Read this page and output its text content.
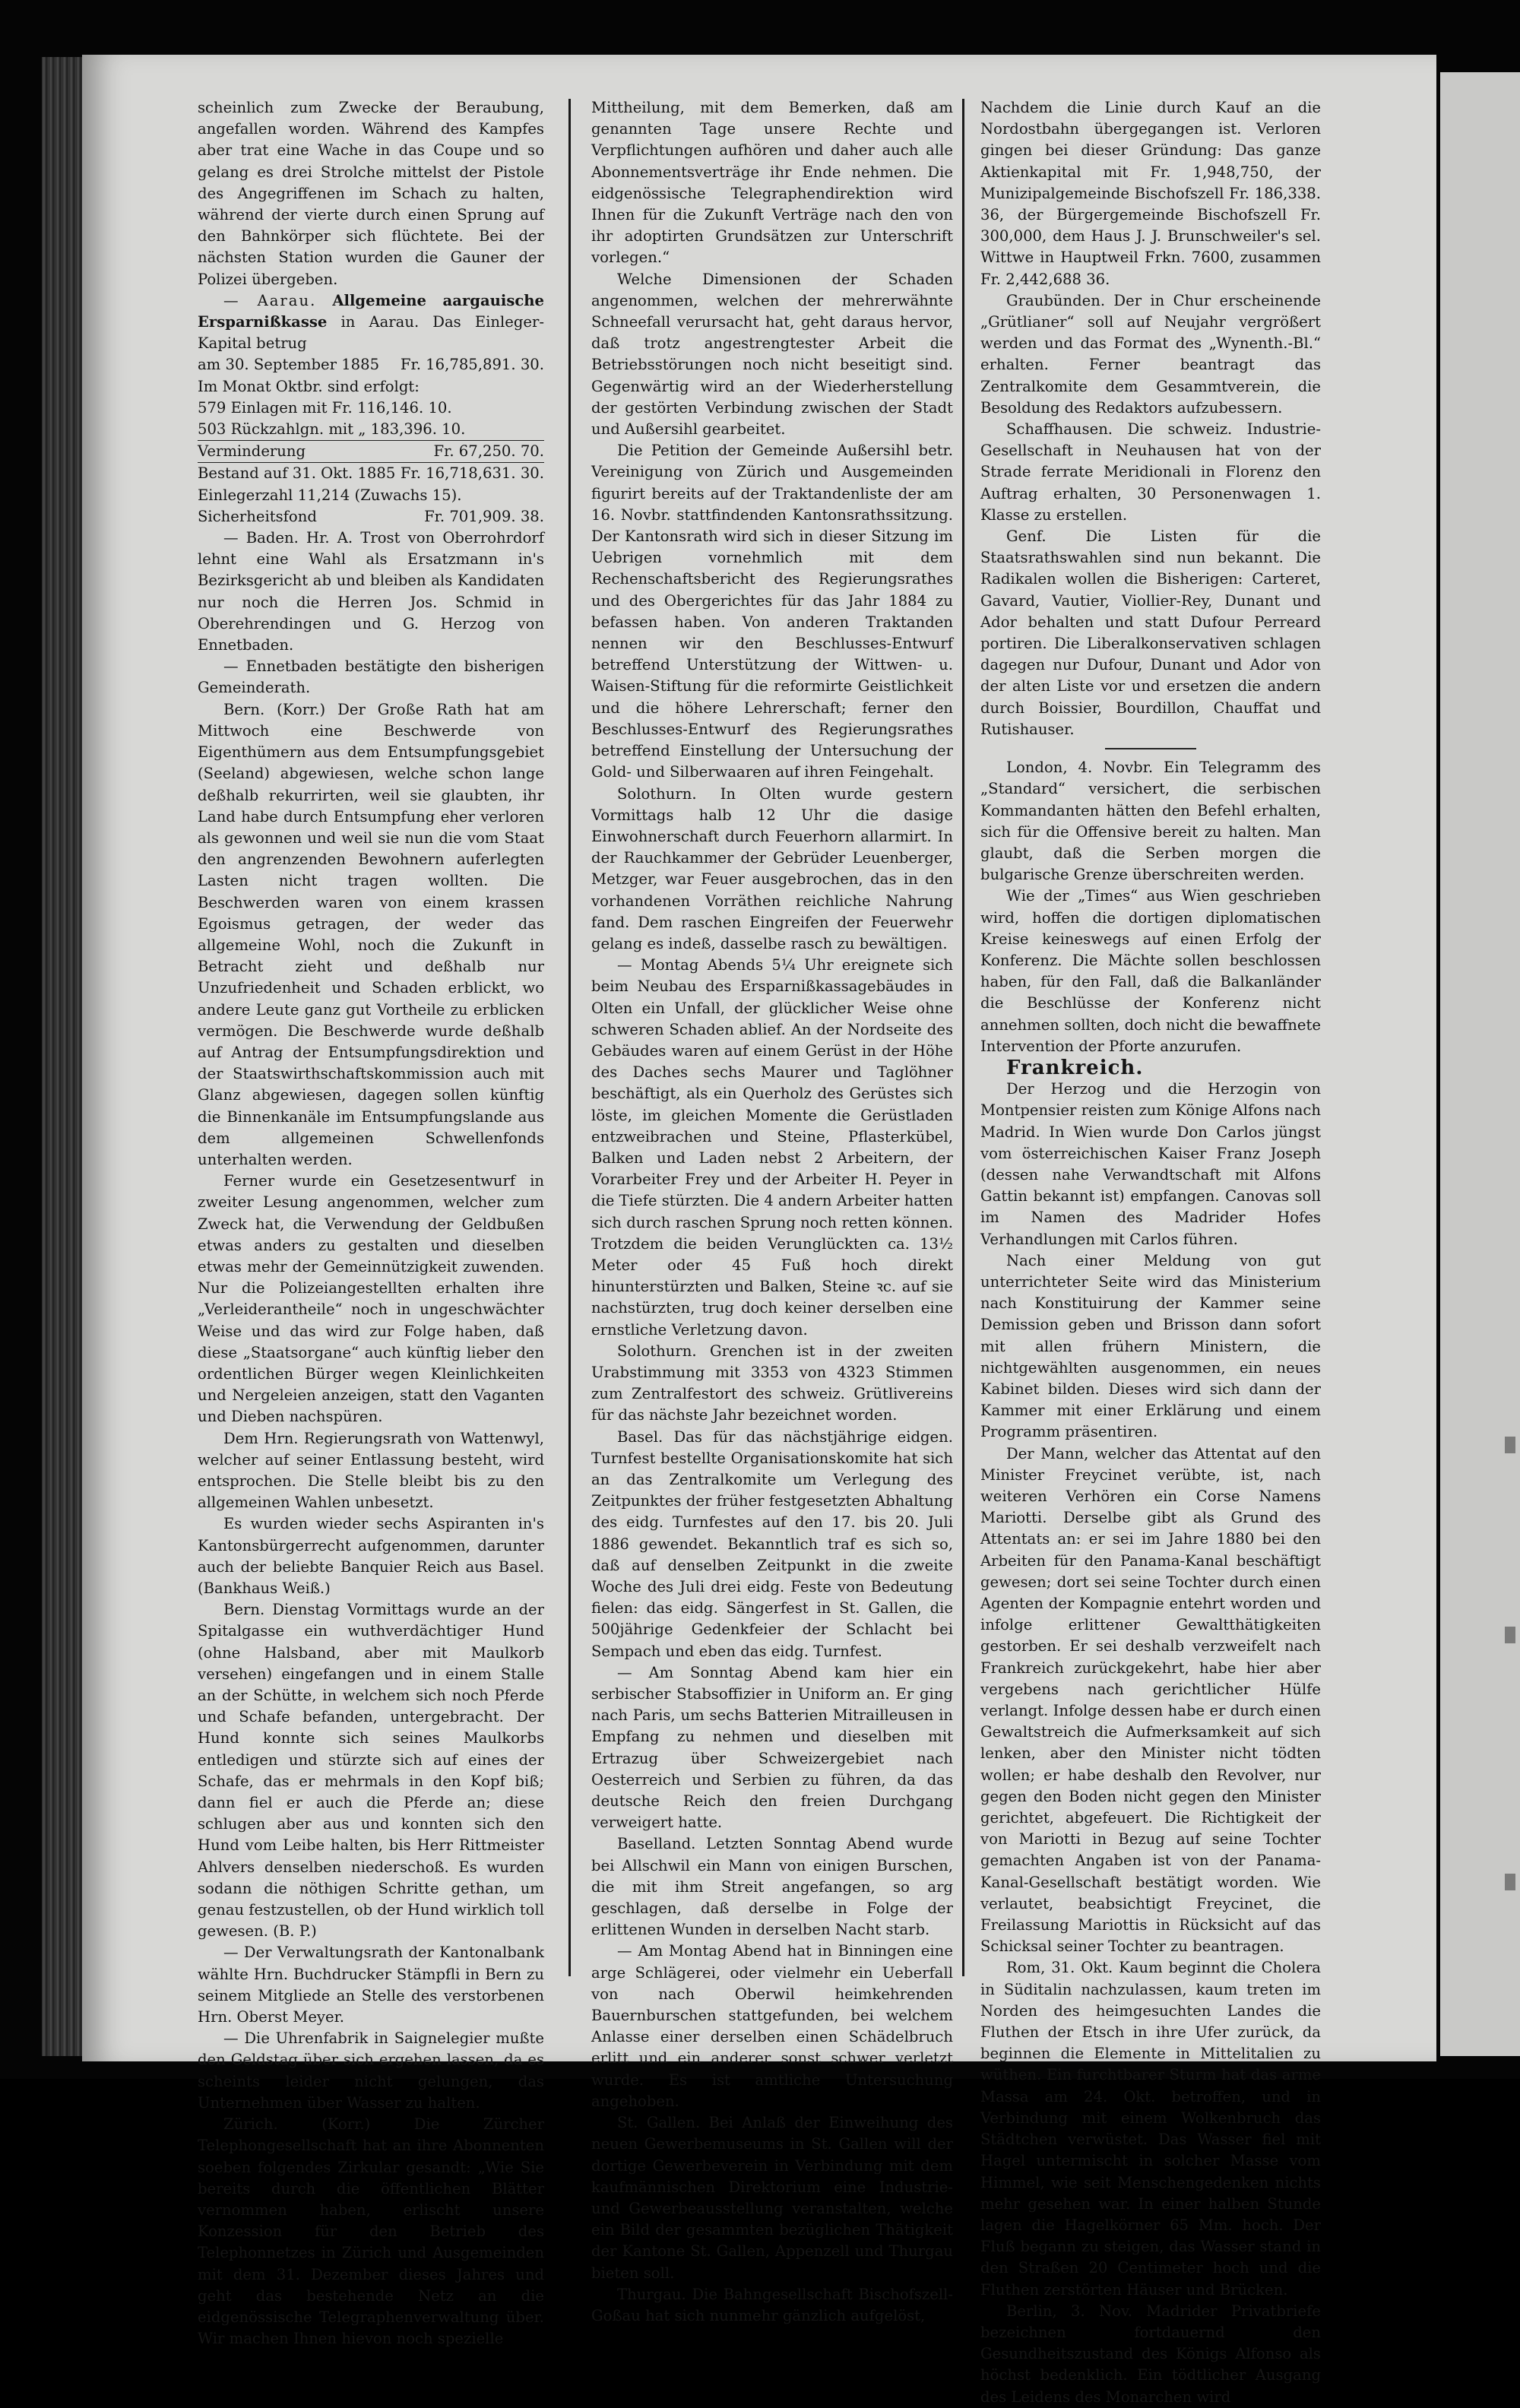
scheinlich zum Zwecke der Beraubung, angefallen worden. Während des Kampfes aber trat eine Wache in das Coupe und so gelang es drei Strolche mittelst der Pistole des Angegriffenen im Schach zu halten, während der vierte durch einen Sprung auf den Bahnkörper sich flüchtete. Bei der nächsten Station wurden die Gauner der Polizei übergeben.

— Aarau. Allgemeine aargauische Ersparnißkasse in Aarau. Das Einleger-Kapital betrug

am 30. September 1885 Fr. 16,785,891. 30.
Im Monat Oktbr. sind erfolgt:
579 Einlagen mit Fr. 116,146. 10.
503 Rückzahlgn. mit „ 183,396. 10.
Verminderung	Fr. 67,250. 70.
Bestand auf 31. Okt. 1885 Fr. 16,718,631. 30.
Einlegerzahl 11,214 (Zuwachs 15).
Sicherheitsfond	Fr. 701,909. 38.

— Baden. Hr. A. Trost von Oberrohrdorf lehnt eine Wahl als Ersatzmann in's Bezirksgericht ab und bleiben als Kandidaten nur noch die Herren Jos. Schmid in Oberehrendingen und G. Herzog von Ennetbaden.

— Ennetbaden bestätigte den bisherigen Gemeinderath.

Bern. (Korr.) Der Große Rath hat am Mittwoch eine Beschwerde von Eigenthümern aus dem Entsumpfungsgebiet (Seeland) abgewiesen, welche schon lange deßhalb rekurrirten, weil sie glaubten, ihr Land habe durch Entsumpfung eher verloren als gewonnen und weil sie nun die vom Staat den angrenzenden Bewohnern auferlegten Lasten nicht tragen wollten. Die Beschwerden waren von einem krassen Egoismus getragen, der weder das allgemeine Wohl, noch die Zukunft in Betracht zieht und deßhalb nur Unzufriedenheit und Schaden erblickt, wo andere Leute ganz gut Vortheile zu erblicken vermögen. Die Beschwerde wurde deßhalb auf Antrag der Entsumpfungsdirektion und der Staatswirthschaftskommission auch mit Glanz abgewiesen, dagegen sollen künftig die Binnenkanäle im Entsumpfungslande aus dem allgemeinen Schwellenfonds unterhalten werden.

Ferner wurde ein Gesetzesentwurf in zweiter Lesung angenommen, welcher zum Zweck hat, die Verwendung der Geldbußen etwas anders zu gestalten und dieselben etwas mehr der Gemeinnützigkeit zuwenden. Nur die Polizeiangestellten erhalten ihre „Verleiderantheile“ noch in ungeschwächter Weise und das wird zur Folge haben, daß diese „Staatsorgane“ auch künftig lieber den ordentlichen Bürger wegen Kleinlichkeiten und Nergeleien anzeigen, statt den Vaganten und Dieben nachspüren.

Dem Hrn. Regierungsrath von Wattenwyl, welcher auf seiner Entlassung besteht, wird entsprochen. Die Stelle bleibt bis zu den allgemeinen Wahlen unbesetzt.

Es wurden wieder sechs Aspiranten in's Kantonsbürgerrecht aufgenommen, darunter auch der beliebte Banquier Reich aus Basel. (Bankhaus Weiß.)

Bern. Dienstag Vormittags wurde an der Spitalgasse ein wuthverdächtiger Hund (ohne Halsband, aber mit Maulkorb versehen) eingefangen und in einem Stalle an der Schütte, in welchem sich noch Pferde und Schafe befanden, untergebracht. Der Hund konnte sich seines Maulkorbs entledigen und stürzte sich auf eines der Schafe, das er mehrmals in den Kopf biß; dann fiel er auch die Pferde an; diese schlugen aber aus und konnten sich den Hund vom Leibe halten, bis Herr Rittmeister Ahlvers denselben niederschoß. Es wurden sodann die nöthigen Schritte gethan, um genau festzustellen, ob der Hund wirklich toll gewesen. (B. P.)

— Der Verwaltungsrath der Kantonalbank wählte Hrn. Buchdrucker Stämpfli in Bern zu seinem Mitgliede an Stelle des verstorbenen Hrn. Oberst Meyer.

— Die Uhrenfabrik in Saignelegier mußte den Geldstag über sich ergehen lassen, da es scheints leider nicht gelungen, das Unternehmen über Wasser zu halten.

Zürich. (Korr.) Die Zürcher Telephongesellschaft hat an ihre Abonnenten soeben folgendes Zirkular gesandt: „Wie Sie bereits durch die öffentlichen Blätter vernommen haben, erlischt unsere Konzession für den Betrieb des Telephonnetzes in Zürich und Ausgemeinden mit dem 31. Dezember dieses Jahres und geht das bestehende Netz an die eidgenössische Telegraphenverwaltung über. Wir machen Ihnen hievon noch spezielle

Mittheilung, mit dem Bemerken, daß am genannten Tage unsere Rechte und Verpflichtungen aufhören und daher auch alle Abonnementsverträge ihr Ende nehmen. Die eidgenössische Telegraphendirektion wird Ihnen für die Zukunft Verträge nach den von ihr adoptirten Grundsätzen zur Unterschrift vorlegen.“

Welche Dimensionen der Schaden angenommen, welchen der mehrerwähnte Schneefall verursacht hat, geht daraus hervor, daß trotz angestrengtester Arbeit die Betriebsstörungen noch nicht beseitigt sind. Gegenwärtig wird an der Wiederherstellung der gestörten Verbindung zwischen der Stadt und Außersihl gearbeitet.

Die Petition der Gemeinde Außersihl betr. Vereinigung von Zürich und Ausgemeinden figurirt bereits auf der Traktandenliste der am 16. Novbr. stattfindenden Kantonsrathssitzung. Der Kantonsrath wird sich in dieser Sitzung im Uebrigen vornehmlich mit dem Rechenschaftsbericht des Regierungsrathes und des Obergerichtes für das Jahr 1884 zu befassen haben. Von anderen Traktanden nennen wir den Beschlusses-Entwurf betreffend Unterstützung der Wittwen- u. Waisen-Stiftung für die reformirte Geistlichkeit und die höhere Lehrerschaft; ferner den Beschlusses-Entwurf des Regierungsrathes betreffend Einstellung der Untersuchung der Gold- und Silberwaaren auf ihren Feingehalt.

Solothurn. In Olten wurde gestern Vormittags halb 12 Uhr die dasige Einwohnerschaft durch Feuerhorn allarmirt. In der Rauchkammer der Gebrüder Leuenberger, Metzger, war Feuer ausgebrochen, das in den vorhandenen Vorräthen reichliche Nahrung fand. Dem raschen Eingreifen der Feuerwehr gelang es indeß, dasselbe rasch zu bewältigen.

— Montag Abends 5¼ Uhr ereignete sich beim Neubau des Ersparnißkassagebäudes in Olten ein Unfall, der glücklicher Weise ohne schweren Schaden ablief. An der Nordseite des Gebäudes waren auf einem Gerüst in der Höhe des Daches sechs Maurer und Taglöhner beschäftigt, als ein Querholz des Gerüstes sich löste, im gleichen Momente die Gerüstladen entzweibrachen und Steine, Pflasterkübel, Balken und Laden nebst 2 Arbeitern, der Vorarbeiter Frey und der Arbeiter H. Peyer in die Tiefe stürzten. Die 4 andern Arbeiter hatten sich durch raschen Sprung noch retten können. Trotzdem die beiden Verunglückten ca. 13½ Meter oder 45 Fuß hoch direkt hinunterstürzten und Balken, Steine ꝛc. auf sie nachstürzten, trug doch keiner derselben eine ernstliche Verletzung davon.

Solothurn. Grenchen ist in der zweiten Urabstimmung mit 3353 von 4323 Stimmen zum Zentralfestort des schweiz. Grütlivereins für das nächste Jahr bezeichnet worden.

Basel. Das für das nächstjährige eidgen. Turnfest bestellte Organisationskomite hat sich an das Zentralkomite um Verlegung des Zeitpunktes der früher festgesetzten Abhaltung des eidg. Turnfestes auf den 17. bis 20. Juli 1886 gewendet. Bekanntlich traf es sich so, daß auf denselben Zeitpunkt in die zweite Woche des Juli drei eidg. Feste von Bedeutung fielen: das eidg. Sängerfest in St. Gallen, die 500jährige Gedenkfeier der Schlacht bei Sempach und eben das eidg. Turnfest.

— Am Sonntag Abend kam hier ein serbischer Stabsoffizier in Uniform an. Er ging nach Paris, um sechs Batterien Mitrailleusen in Empfang zu nehmen und dieselben mit Ertrazug über Schweizergebiet nach Oesterreich und Serbien zu führen, da das deutsche Reich den freien Durchgang verweigert hatte.

Baselland. Letzten Sonntag Abend wurde bei Allschwil ein Mann von einigen Burschen, die mit ihm Streit angefangen, so arg geschlagen, daß derselbe in Folge der erlittenen Wunden in derselben Nacht starb.

— Am Montag Abend hat in Binningen eine arge Schlägerei, oder vielmehr ein Ueberfall von nach Oberwil heimkehrenden Bauernburschen stattgefunden, bei welchem Anlasse einer derselben einen Schädelbruch erlitt und ein anderer sonst schwer verletzt wurde. Es ist amtliche Untersuchung angehoben.

St. Gallen. Bei Anlaß der Einweihung des neuen Gewerbemuseums in St. Gallen will der dortige Gewerbeverein in Verbindung mit dem kaufmännischen Direktorium eine Industrie- und Gewerbeausstellung veranstalten, welche ein Bild der gesammten bezüglichen Thätigkeit der Kantone St. Gallen, Appenzell und Thurgau bieten soll.

Thurgau. Die Bahngesellschaft Bischofszell-Goßau hat sich nunmehr gänzlich aufgelöst,

Nachdem die Linie durch Kauf an die Nordostbahn übergegangen ist. Verloren gingen bei dieser Gründung: Das ganze Aktienkapital mit Fr. 1,948,750, der Munizipalgemeinde Bischofszell Fr. 186,338. 36, der Bürgergemeinde Bischofszell Fr. 300,000, dem Haus J. J. Brunschweiler's sel. Wittwe in Hauptweil Frkn. 7600, zusammen Fr. 2,442,688 36.

Graubünden. Der in Chur erscheinende „Grütlianer“ soll auf Neujahr vergrößert werden und das Format des „Wynenth.-Bl.“ erhalten. Ferner beantragt das Zentralkomite dem Gesammtverein, die Besoldung des Redaktors aufzubessern.

Schaffhausen. Die schweiz. Industrie-Gesellschaft in Neuhausen hat von der Strade ferrate Meridionali in Florenz den Auftrag erhalten, 30 Personenwagen 1. Klasse zu erstellen.

Genf. Die Listen für die Staatsrathswahlen sind nun bekannt. Die Radikalen wollen die Bisherigen: Carteret, Gavard, Vautier, Viollier-Rey, Dunant und Ador behalten und statt Dufour Perreard portiren. Die Liberalkonservativen schlagen dagegen nur Dufour, Dunant und Ador von der alten Liste vor und ersetzen die andern durch Boissier, Bourdillon, Chauffat und Rutishauser.

London, 4. Novbr. Ein Telegramm des „Standard“ versichert, die serbischen Kommandanten hätten den Befehl erhalten, sich für die Offensive bereit zu halten. Man glaubt, daß die Serben morgen die bulgarische Grenze überschreiten werden.

Wie der „Times“ aus Wien geschrieben wird, hoffen die dortigen diplomatischen Kreise keineswegs auf einen Erfolg der Konferenz. Die Mächte sollen beschlossen haben, für den Fall, daß die Balkanländer die Beschlüsse der Konferenz nicht annehmen sollten, doch nicht die bewaffnete Intervention der Pforte anzurufen.

Frankreich.

Der Herzog und die Herzogin von Montpensier reisten zum Könige Alfons nach Madrid. In Wien wurde Don Carlos jüngst vom österreichischen Kaiser Franz Joseph (dessen nahe Verwandtschaft mit Alfons Gattin bekannt ist) empfangen. Canovas soll im Namen des Madrider Hofes Verhandlungen mit Carlos führen.

Nach einer Meldung von gut unterrichteter Seite wird das Ministerium nach Konstituirung der Kammer seine Demission geben und Brisson dann sofort mit allen frühern Ministern, die nichtgewählten ausgenommen, ein neues Kabinet bilden. Dieses wird sich dann der Kammer mit einer Erklärung und einem Programm präsentiren.

Der Mann, welcher das Attentat auf den Minister Freycinet verübte, ist, nach weiteren Verhören ein Corse Namens Mariotti. Derselbe gibt als Grund des Attentats an: er sei im Jahre 1880 bei den Arbeiten für den Panama-Kanal beschäftigt gewesen; dort sei seine Tochter durch einen Agenten der Kompagnie entehrt worden und infolge erlittener Gewaltthätigkeiten gestorben. Er sei deshalb verzweifelt nach Frankreich zurückgekehrt, habe hier aber vergebens nach gerichtlicher Hülfe verlangt. Infolge dessen habe er durch einen Gewaltstreich die Aufmerksamkeit auf sich lenken, aber den Minister nicht tödten wollen; er habe deshalb den Revolver, nur gegen den Boden nicht gegen den Minister gerichtet, abgefeuert. Die Richtigkeit der von Mariotti in Bezug auf seine Tochter gemachten Angaben ist von der Panama-Kanal-Gesellschaft bestätigt worden. Wie verlautet, beabsichtigt Freycinet, die Freilassung Mariottis in Rücksicht auf das Schicksal seiner Tochter zu beantragen.

Rom, 31. Okt. Kaum beginnt die Cholera in Süditalin nachzulassen, kaum treten im Norden des heimgesuchten Landes die Fluthen der Etsch in ihre Ufer zurück, da beginnen die Elemente in Mittelitalien zu wüthen. Ein furchtbarer Sturm hat das arme Massa am 24. Okt. betroffen, und in Verbindung mit einem Wolkenbruch das Städtchen verwüstet. Das Wasser fiel mit Hagel untermischt in solcher Masse vom Himmel, wie seit Menschengedenken nichts mehr gesehen war. In einer halben Stunde lagen die Hagelkörner 65 Mm. hoch. Der Fluß begann zu steigen, das Wasser stand in den Straßen 20 Centimeter hoch und die Fluthen zerstörten Häuser und Brücken.

Berlin, 3. Nov. Madrider Privatbriefe bezeichnen fortdauernd den Gesundheitszustand des Königs Alfonso als höchst bedenklich. Ein tödtlicher Ausgang des Leidens des Monarchen wird
